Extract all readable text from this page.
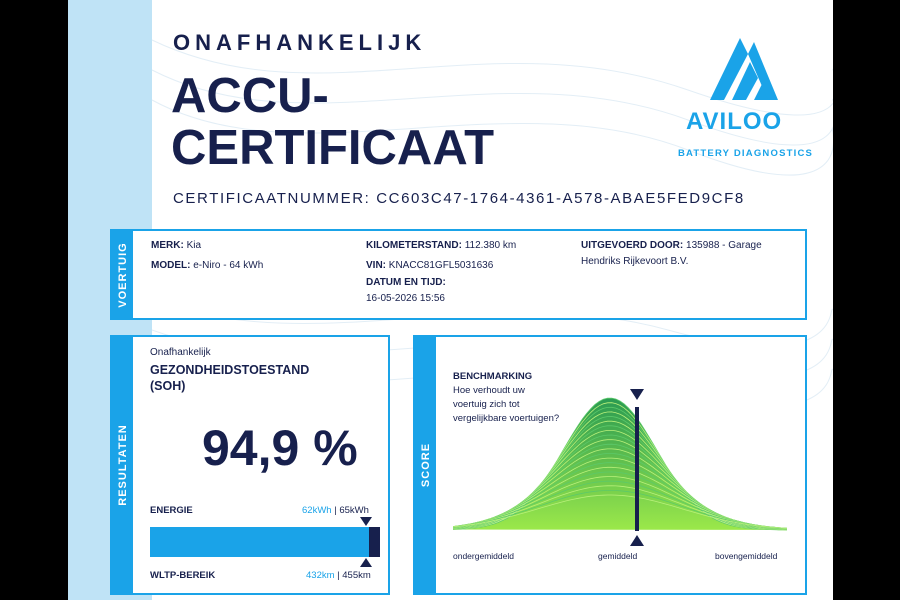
ONAFHANKELIJK
ACCU-
CERTIFICAAT
CERTIFICAATNUMMER: CC603C47-1764-4361-A578-ABAE5FED9CF8
AVILOO
BATTERY DIAGNOSTICS
VOERTUIG MERK: Kia
MODEL: e-Niro - 64 kWh
KILOMETERSTAND: 112.380 km
VIN: KNACC81GFL5031636
DATUM EN TIJD:
16-05-2026 15:56
UITGEVOERD DOOR: 135988 - Garage
Hendriks Rijkevoort B.V.
RESULTATEN
Onafhankelijk
GEZONDHEIDSTOESTAND
(SOH)
94,9 %
ENERGIE	62kWh | 65kWh
WLTP-BEREIK	432km | 455km
SCORE
BENCHMARKING
Hoe verhoudt uw
voertuig zich tot
vergelijkbare voertuigen?
ondergemiddeld	gemiddeld	bovengemiddeld
